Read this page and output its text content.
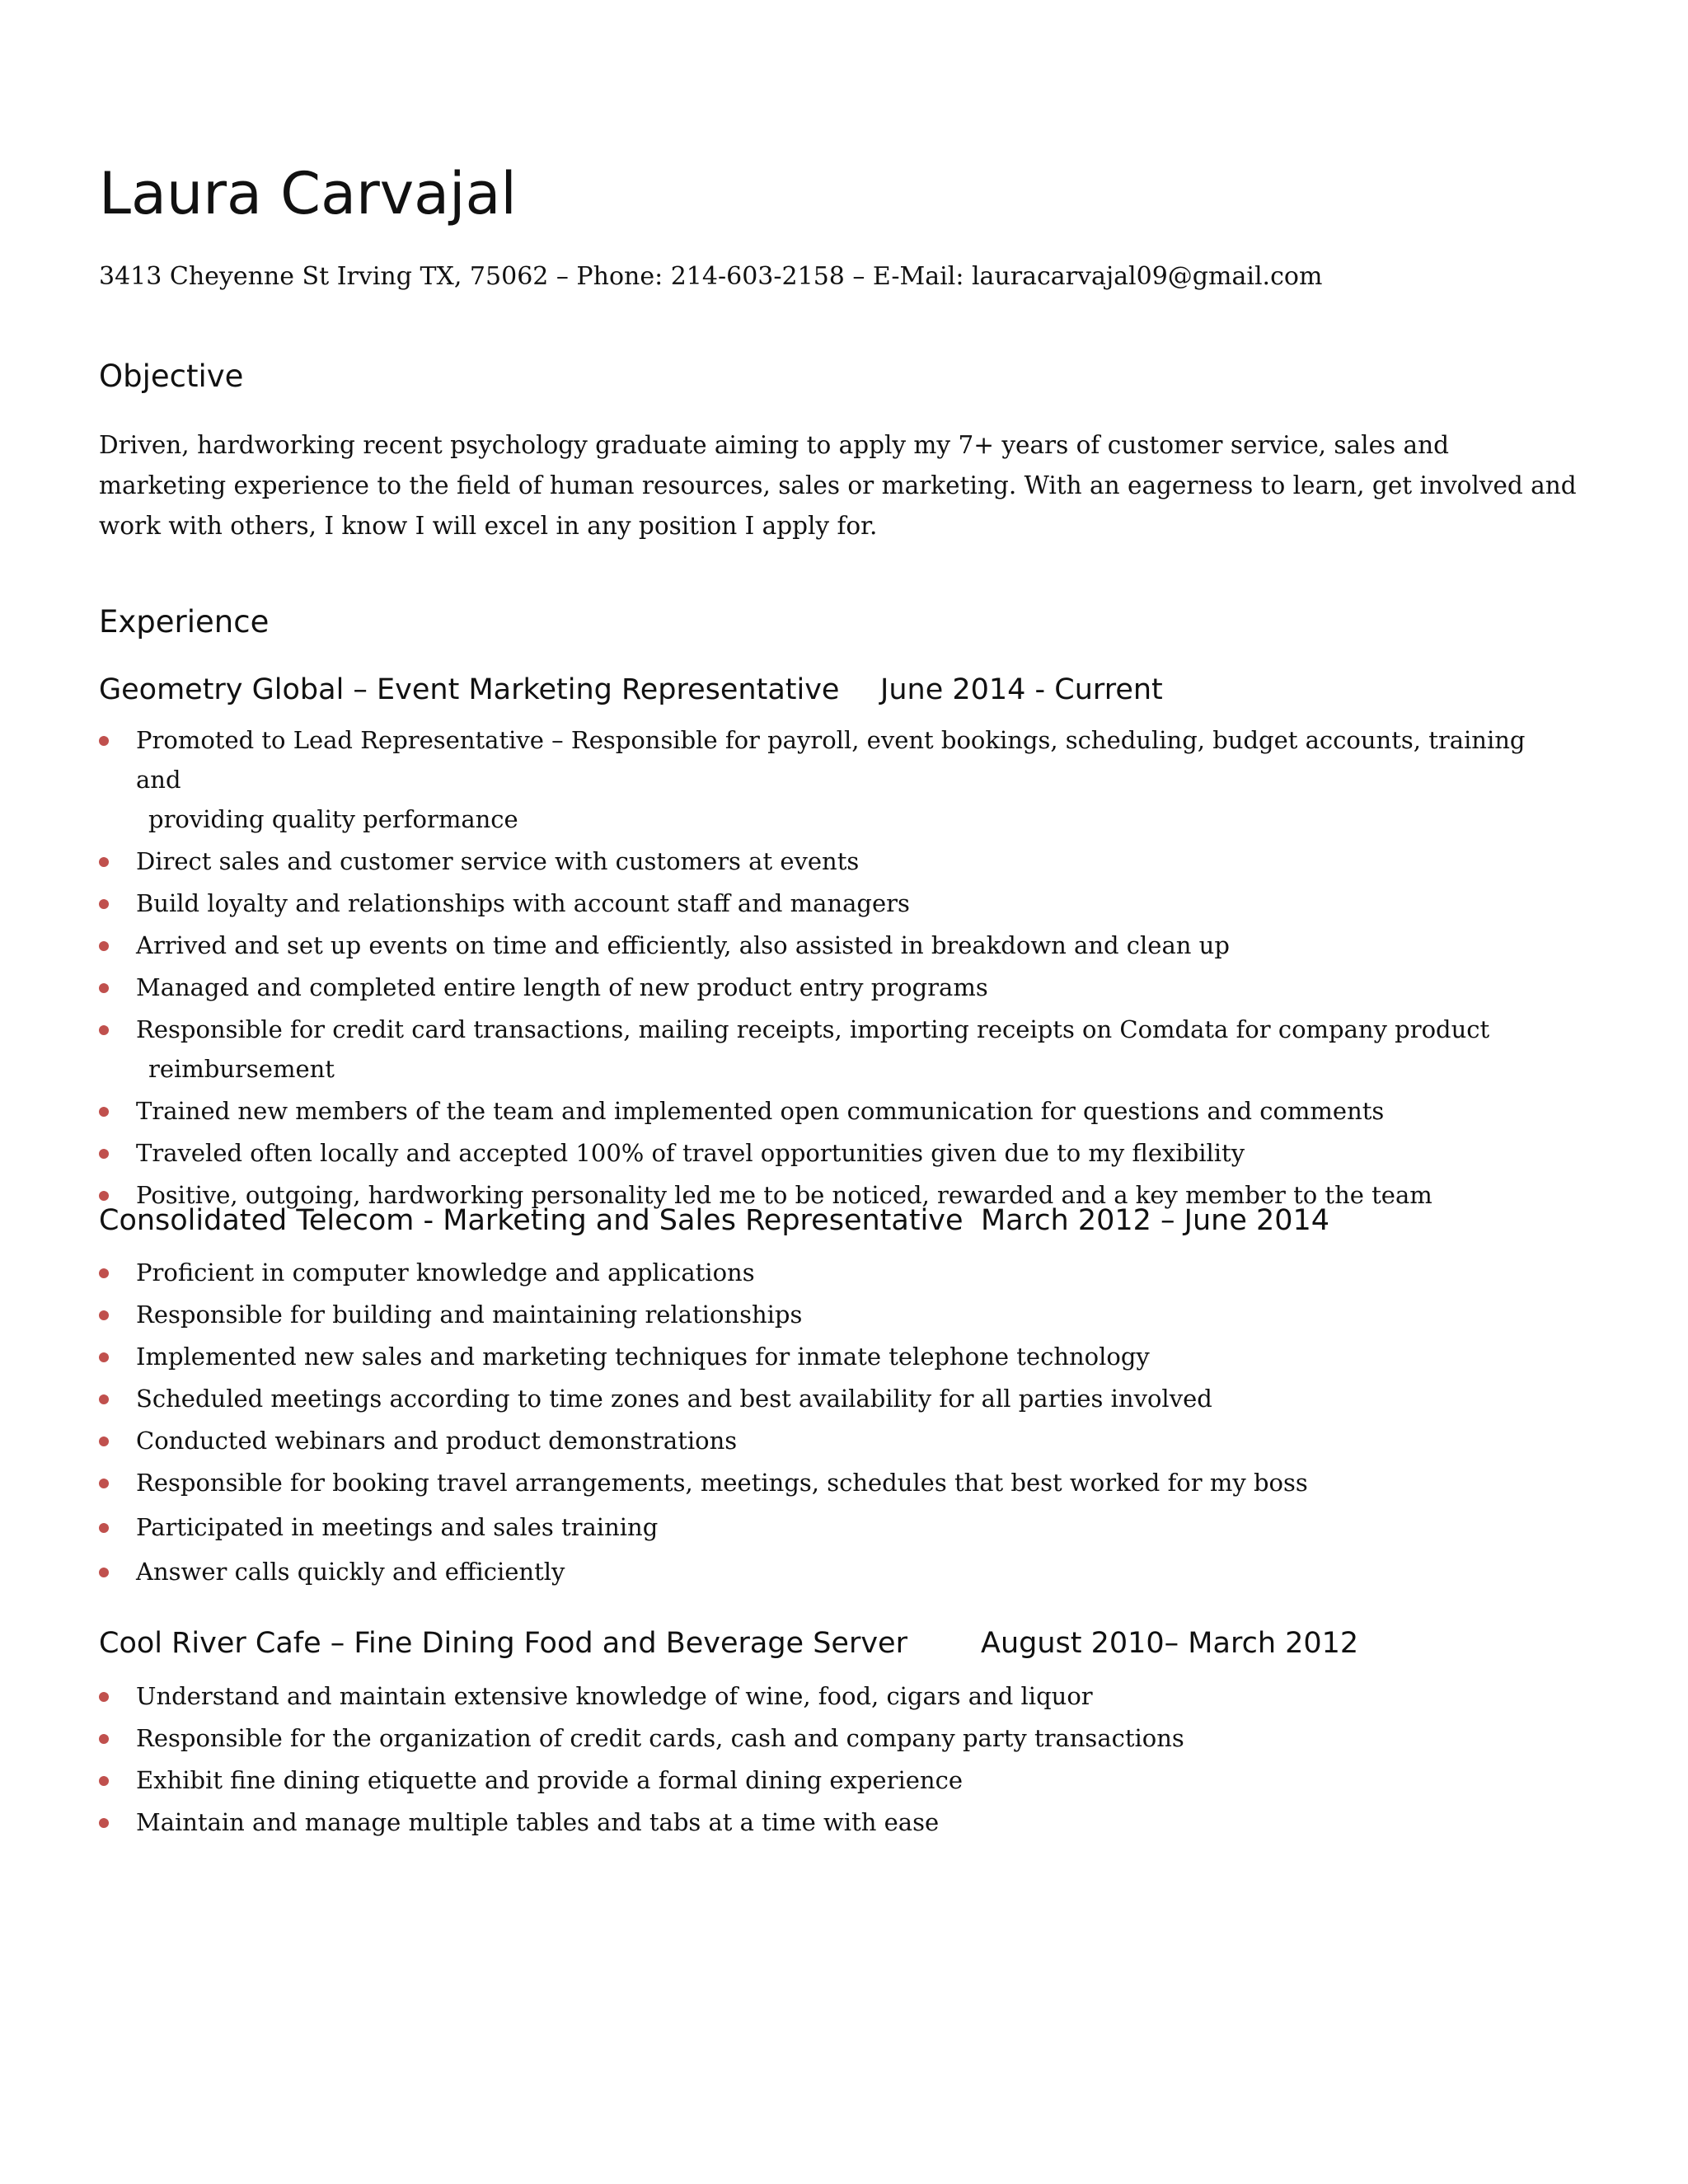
Laura Carvajal

3413 Cheyenne St Irving TX, 75062 – Phone: 214-603-2158 – E-Mail: lauracarvajal09@gmail.com

Objective

Driven, hardworking recent psychology graduate aiming to apply my 7+ years of customer service, sales and marketing experience to the field of human resources, sales or marketing. With an eagerness to learn, get involved and work with others, I know I will excel in any position I apply for.

Experience
Geometry Global – Event Marketing Representative June 2014 - Current
Promoted to Lead Representative – Responsible for payroll, event bookings, scheduling, budget accounts, training and
providing quality performance
Direct sales and customer service with customers at events
Build loyalty and relationships with account staff and managers
Arrived and set up events on time and efficiently, also assisted in breakdown and clean up
Managed and completed entire length of new product entry programs
Responsible for credit card transactions, mailing receipts, importing receipts on Comdata for company product
reimbursement
Trained new members of the team and implemented open communication for questions and comments
Traveled often locally and accepted 100% of travel opportunities given due to my flexibility
Positive, outgoing, hardworking personality led me to be noticed, rewarded and a key member to the team
Consolidated Telecom - Marketing and Sales Representative March 2012 – June 2014
Proficient in computer knowledge and applications
Responsible for building and maintaining relationships
Implemented new sales and marketing techniques for inmate telephone technology
Scheduled meetings according to time zones and best availability for all parties involved
Conducted webinars and product demonstrations
Responsible for booking travel arrangements, meetings, schedules that best worked for my boss
Participated in meetings and sales training
Answer calls quickly and efficiently
Cool River Cafe – Fine Dining Food and Beverage Server	August 2010– March 2012
Understand and maintain extensive knowledge of wine, food, cigars and liquor
Responsible for the organization of credit cards, cash and company party transactions
Exhibit fine dining etiquette and provide a formal dining experience
Maintain and manage multiple tables and tabs at a time with ease
